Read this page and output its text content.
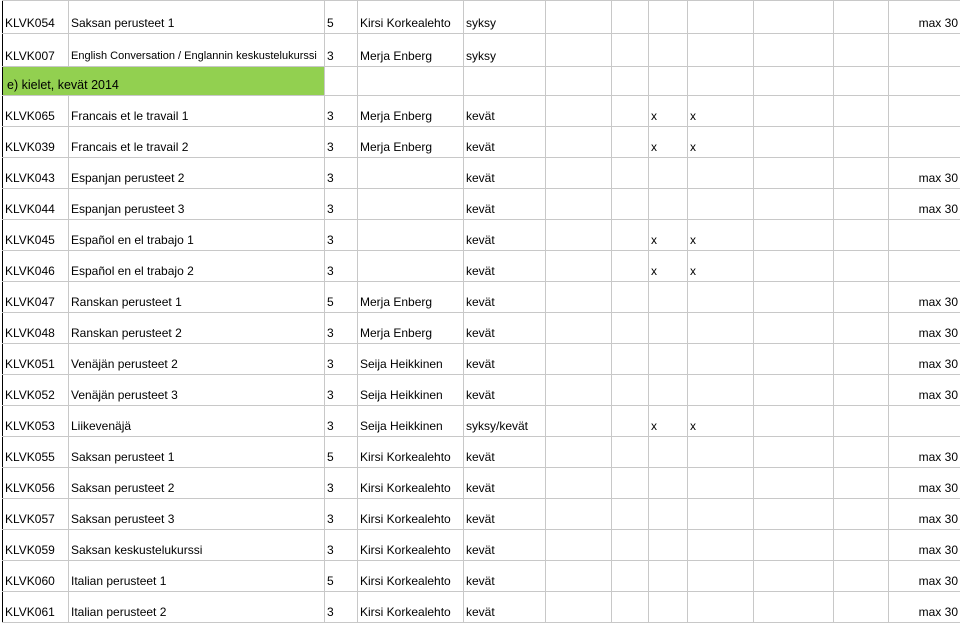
KLVK054	Saksan perusteet 1	5	Kirsi Korkealehto	syksy							max 30
KLVK007	English Conversation / Englannin keskustelukurssi	3	Merja Enberg	syksy							
e) kielet, kevät 2014											
KLVK065	Francais et le travail 1	3	Merja Enberg	kevät			x	x			
KLVK039	Francais et le travail 2	3	Merja Enberg	kevät			x	x			
KLVK043	Espanjan perusteet 2	3		kevät							max 30
KLVK044	Espanjan perusteet 3	3		kevät							max 30
KLVK045	Español en el trabajo 1	3		kevät			x	x			
KLVK046	Español en el trabajo 2	3		kevät			x	x			
KLVK047	Ranskan perusteet 1	5	Merja Enberg	kevät							max 30
KLVK048	Ranskan perusteet 2	3	Merja Enberg	kevät							max 30
KLVK051	Venäjän perusteet 2	3	Seija Heikkinen	kevät							max 30
KLVK052	Venäjän perusteet 3	3	Seija Heikkinen	kevät							max 30
KLVK053	Liikevenäjä	3	Seija Heikkinen	syksy/kevät			x	x			
KLVK055	Saksan perusteet 1	5	Kirsi Korkealehto	kevät							max 30
KLVK056	Saksan perusteet 2	3	Kirsi Korkealehto	kevät							max 30
KLVK057	Saksan perusteet 3	3	Kirsi Korkealehto	kevät							max 30
KLVK059	Saksan keskustelukurssi	3	Kirsi Korkealehto	kevät							max 30
KLVK060	Italian perusteet 1	5	Kirsi Korkealehto	kevät							max 30
KLVK061	Italian perusteet 2	3	Kirsi Korkealehto	kevät							max 30
